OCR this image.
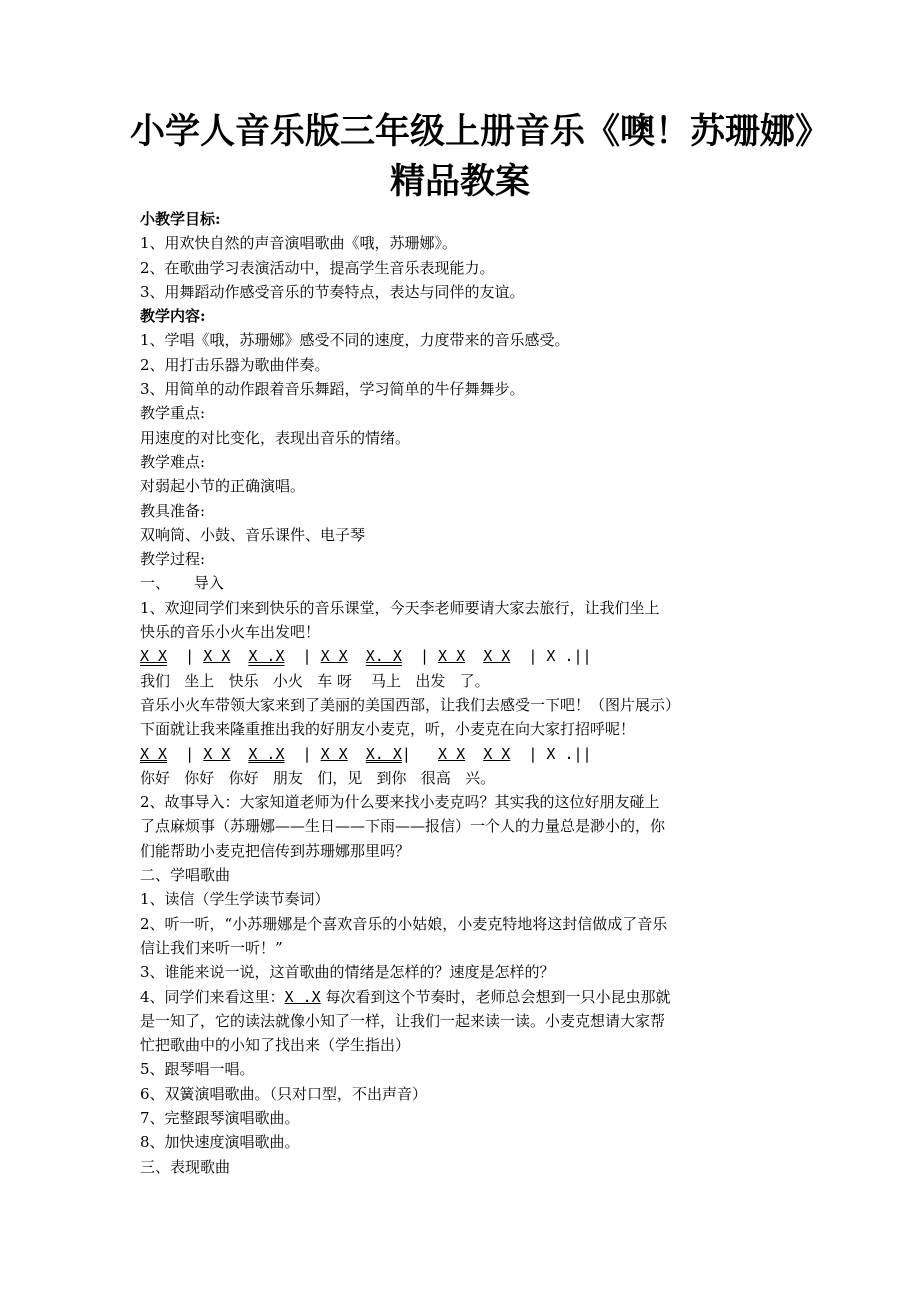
小学人音乐版三年级上册音乐《噢！苏珊娜》
精品教案
小教学目标:
1、用欢快自然的声音演唱歌曲《哦，苏珊娜》。
2、在歌曲学习表演活动中，提高学生音乐表现能力。
3、用舞蹈动作感受音乐的节奏特点，表达与同伴的友谊。
教学内容:
1、学唱《哦，苏珊娜》感受不同的速度，力度带来的音乐感受。
2、用打击乐器为歌曲伴奏。
3、用简单的动作跟着音乐舞蹈，学习简单的牛仔舞舞步。
教学重点:
用速度的对比变化，表现出音乐的情绪。
教学难点:
对弱起小节的正确演唱。
教具准备:
双响筒、小鼓、音乐课件、电子琴
教学过程:
一、     导入
1、欢迎同学们来到快乐的音乐课堂，今天李老师要请大家去旅行，让我们坐上
快乐的音乐小火车出发吧！
X X  | X X X .X  | X X X. X  | X X X X  | X .||
我们   坐上   快乐   小火   车 呀    马上   出发   了。
音乐小火车带领大家来到了美丽的美国西部，让我们去感受一下吧！（图片展示）
下面就让我来隆重推出我的好朋友小麦克，听，小麦克在向大家打招呼呢！
X X  | X X X .X  | X X X. X|   X X X X  | X .||
你好   你好   你好   朋友   们，见   到你   很高   兴。
2、故事导入：大家知道老师为什么要来找小麦克吗？其实我的这位好朋友碰上
了点麻烦事（苏珊娜——生日——下雨——报信）一个人的力量总是渺小的，你
们能帮助小麦克把信传到苏珊娜那里吗？
二、学唱歌曲
1、读信（学生学读节奏词）
2、听一听，“小苏珊娜是个喜欢音乐的小姑娘，小麦克特地将这封信做成了音乐
信让我们来听一听！”
3、谁能来说一说，这首歌曲的情绪是怎样的？速度是怎样的？
4、同学们来看这里：X .X 每次看到这个节奏时，老师总会想到一只小昆虫那就
是一知了，它的读法就像小知了一样，让我们一起来读一读。小麦克想请大家帮
忙把歌曲中的小知了找出来（学生指出）
5、跟琴唱一唱。
6、双簧演唱歌曲。（只对口型，不出声音）
7、完整跟琴演唱歌曲。
8、加快速度演唱歌曲。
三、表现歌曲
